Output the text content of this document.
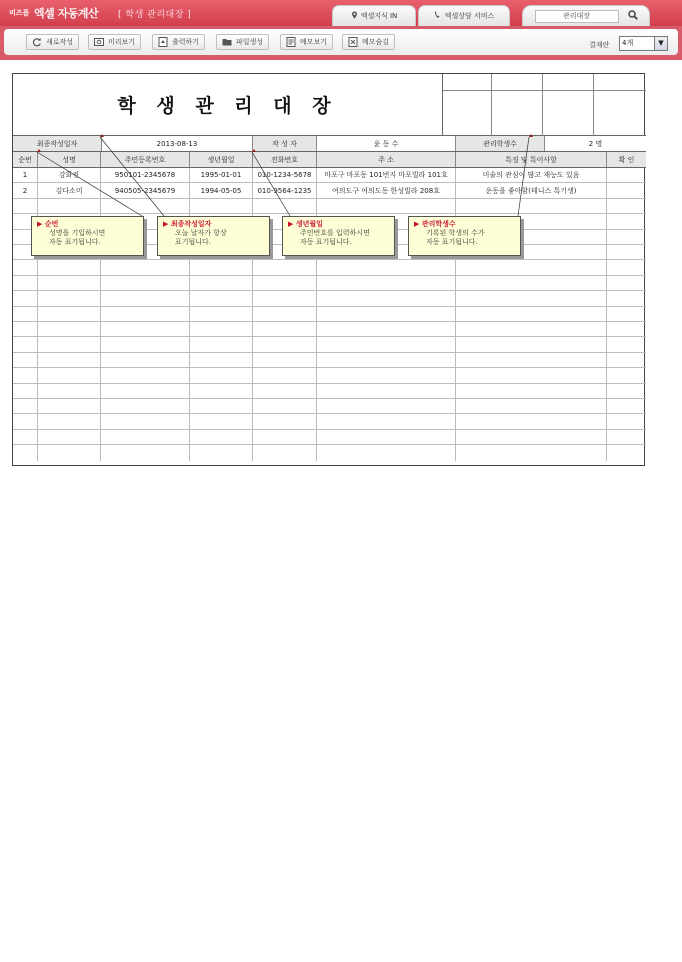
비즈폼 엑셀 자동계산 [ 학생 관리대장 ]	엑셀지식 IN	엑셀상담 서비스	관리대장
새로작성	미리보기	출력하기	파일생성	메모보기	메모숨김	결재란	4개	▼
학 생 관 리 대 장
최종작성일자	2013-08-13	작 성 자	윤 동 수	관리학생수	2 명
순번	성명	주민등록번호	생년월일	전화번호	주 소	특징 및 특이사항	확 인
1	강화진	950101-2345678	1995-01-01	010-1234-5678	마포구 마포동 101번지 마포빌라 101호	미술의 관심이 많고 재능도 있음
2	김다소미	940505-2345679	1994-05-05	010-9564-1235	여의도구 여의도동 한성빌라 208호	운동을 좋아함(테니스 특기생)
▶ 순번
성명을 기입하시면
자동 표기됩니다.
▶ 최종작성일자
오늘 날자가 항상
표기됩니다.
▶ 생년월일
주민번호를 입력하시면
자동 표기됩니다.
▶ 관리학생수
기록된 학생의 수가
자동 표기됩니다.
